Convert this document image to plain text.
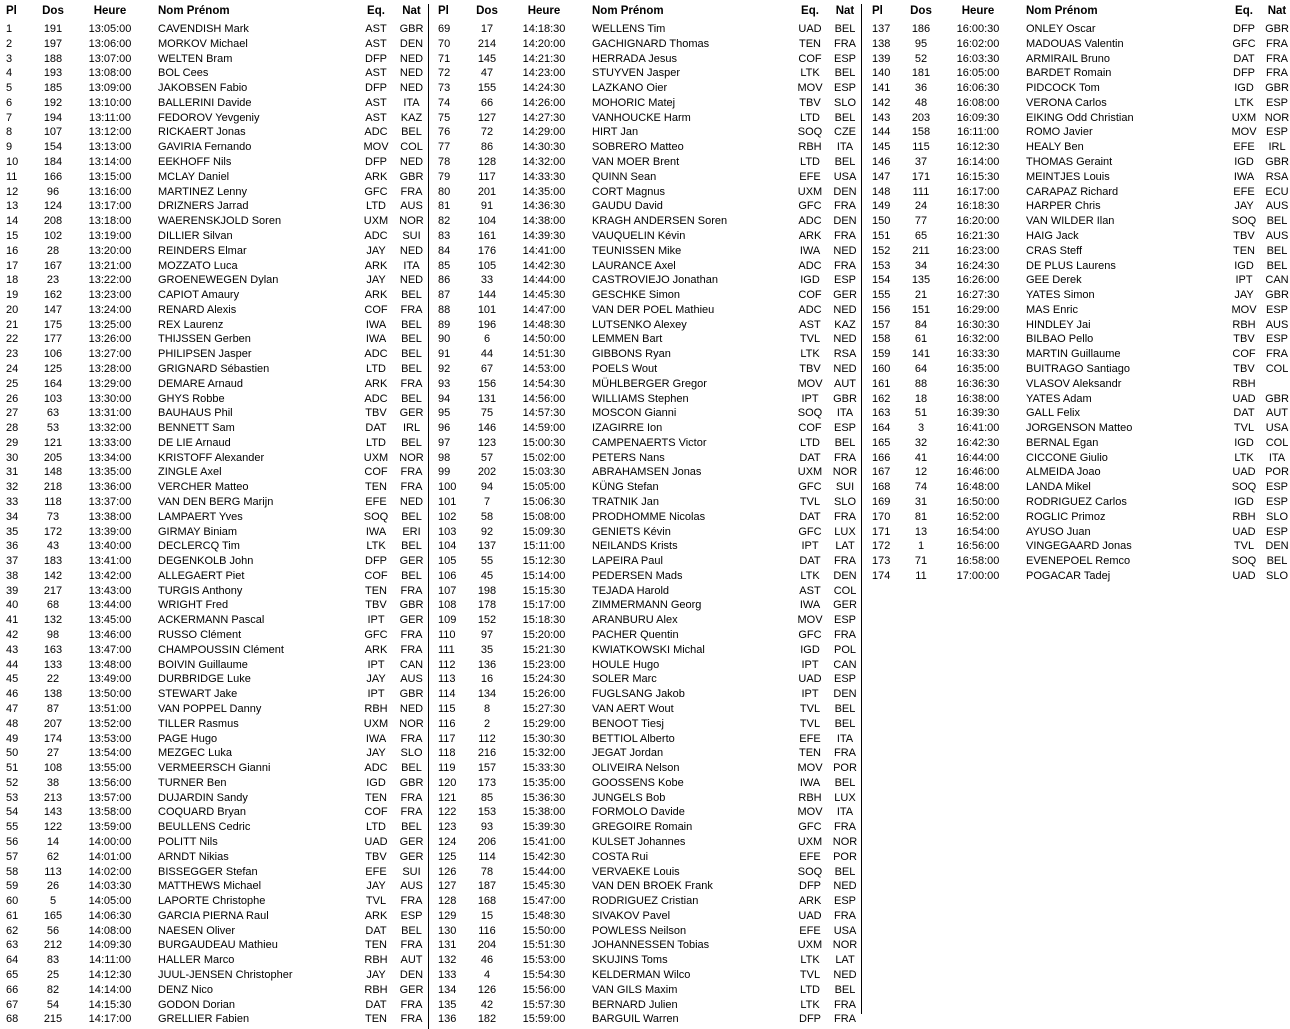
Pl	Dos	Heure	Nom Prénom	Eq.	Nat
1	191	13:05:00	CAVENDISH Mark	AST	GBR
2	197	13:06:00	MORKOV Michael	AST	DEN
3	188	13:07:00	WELTEN Bram	DFP	NED
4	193	13:08:00	BOL Cees	AST	NED
5	185	13:09:00	JAKOBSEN Fabio	DFP	NED
6	192	13:10:00	BALLERINI Davide	AST	ITA
7	194	13:11:00	FEDOROV Yevgeniy	AST	KAZ
8	107	13:12:00	RICKAERT Jonas	ADC	BEL
9	154	13:13:00	GAVIRIA Fernando	MOV	COL
10	184	13:14:00	EEKHOFF Nils	DFP	NED
11	166	13:15:00	MCLAY Daniel	ARK	GBR
12	96	13:16:00	MARTINEZ Lenny	GFC	FRA
13	124	13:17:00	DRIZNERS Jarrad	LTD	AUS
14	208	13:18:00	WAERENSKJOLD Soren	UXM	NOR
15	102	13:19:00	DILLIER Silvan	ADC	SUI
16	28	13:20:00	REINDERS Elmar	JAY	NED
17	167	13:21:00	MOZZATO Luca	ARK	ITA
18	23	13:22:00	GROENEWEGEN Dylan	JAY	NED
19	162	13:23:00	CAPIOT Amaury	ARK	BEL
20	147	13:24:00	RENARD Alexis	COF	FRA
21	175	13:25:00	REX Laurenz	IWA	BEL
22	177	13:26:00	THIJSSEN Gerben	IWA	BEL
23	106	13:27:00	PHILIPSEN Jasper	ADC	BEL
24	125	13:28:00	GRIGNARD Sébastien	LTD	BEL
25	164	13:29:00	DEMARE Arnaud	ARK	FRA
26	103	13:30:00	GHYS Robbe	ADC	BEL
27	63	13:31:00	BAUHAUS Phil	TBV	GER
28	53	13:32:00	BENNETT Sam	DAT	IRL
29	121	13:33:00	DE LIE Arnaud	LTD	BEL
30	205	13:34:00	KRISTOFF Alexander	UXM	NOR
31	148	13:35:00	ZINGLE Axel	COF	FRA
32	218	13:36:00	VERCHER Matteo	TEN	FRA
33	118	13:37:00	VAN DEN BERG Marijn	EFE	NED
34	73	13:38:00	LAMPAERT Yves	SOQ	BEL
35	172	13:39:00	GIRMAY Biniam	IWA	ERI
36	43	13:40:00	DECLERCQ Tim	LTK	BEL
37	183	13:41:00	DEGENKOLB John	DFP	GER
38	142	13:42:00	ALLEGAERT Piet	COF	BEL
39	217	13:43:00	TURGIS Anthony	TEN	FRA
40	68	13:44:00	WRIGHT Fred	TBV	GBR
41	132	13:45:00	ACKERMANN Pascal	IPT	GER
42	98	13:46:00	RUSSO Clément	GFC	FRA
43	163	13:47:00	CHAMPOUSSIN Clément	ARK	FRA
44	133	13:48:00	BOIVIN Guillaume	IPT	CAN
45	22	13:49:00	DURBRIDGE Luke	JAY	AUS
46	138	13:50:00	STEWART Jake	IPT	GBR
47	87	13:51:00	VAN POPPEL Danny	RBH	NED
48	207	13:52:00	TILLER Rasmus	UXM	NOR
49	174	13:53:00	PAGE Hugo	IWA	FRA
50	27	13:54:00	MEZGEC Luka	JAY	SLO
51	108	13:55:00	VERMEERSCH Gianni	ADC	BEL
52	38	13:56:00	TURNER Ben	IGD	GBR
53	213	13:57:00	DUJARDIN Sandy	TEN	FRA
54	143	13:58:00	COQUARD Bryan	COF	FRA
55	122	13:59:00	BEULLENS Cedric	LTD	BEL
56	14	14:00:00	POLITT Nils	UAD	GER
57	62	14:01:00	ARNDT Nikias	TBV	GER
58	113	14:02:00	BISSEGGER Stefan	EFE	SUI
59	26	14:03:30	MATTHEWS Michael	JAY	AUS
60	5	14:05:00	LAPORTE Christophe	TVL	FRA
61	165	14:06:30	GARCIA PIERNA Raul	ARK	ESP
62	56	14:08:00	NAESEN Oliver	DAT	BEL
63	212	14:09:30	BURGAUDEAU Mathieu	TEN	FRA
64	83	14:11:00	HALLER Marco	RBH	AUT
65	25	14:12:30	JUUL-JENSEN Christopher	JAY	DEN
66	82	14:14:00	DENZ Nico	RBH	GER
67	54	14:15:30	GODON Dorian	DAT	FRA
68	215	14:17:00	GRELLIER Fabien	TEN	FRA
Pl	Dos	Heure	Nom Prénom	Eq.	Nat
69	17	14:18:30	WELLENS Tim	UAD	BEL
70	214	14:20:00	GACHIGNARD Thomas	TEN	FRA
71	145	14:21:30	HERRADA Jesus	COF	ESP
72	47	14:23:00	STUYVEN Jasper	LTK	BEL
73	155	14:24:30	LAZKANO Oier	MOV	ESP
74	66	14:26:00	MOHORIC Matej	TBV	SLO
75	127	14:27:30	VANHOUCKE Harm	LTD	BEL
76	72	14:29:00	HIRT Jan	SOQ	CZE
77	86	14:30:30	SOBRERO Matteo	RBH	ITA
78	128	14:32:00	VAN MOER Brent	LTD	BEL
79	117	14:33:30	QUINN Sean	EFE	USA
80	201	14:35:00	CORT Magnus	UXM	DEN
81	91	14:36:30	GAUDU David	GFC	FRA
82	104	14:38:00	KRAGH ANDERSEN Soren	ADC	DEN
83	161	14:39:30	VAUQUELIN Kévin	ARK	FRA
84	176	14:41:00	TEUNISSEN Mike	IWA	NED
85	105	14:42:30	LAURANCE Axel	ADC	FRA
86	33	14:44:00	CASTROVIEJO Jonathan	IGD	ESP
87	144	14:45:30	GESCHKE Simon	COF	GER
88	101	14:47:00	VAN DER POEL Mathieu	ADC	NED
89	196	14:48:30	LUTSENKO Alexey	AST	KAZ
90	6	14:50:00	LEMMEN Bart	TVL	NED
91	44	14:51:30	GIBBONS Ryan	LTK	RSA
92	67	14:53:00	POELS Wout	TBV	NED
93	156	14:54:30	MÜHLBERGER Gregor	MOV	AUT
94	131	14:56:00	WILLIAMS Stephen	IPT	GBR
95	75	14:57:30	MOSCON Gianni	SOQ	ITA
96	146	14:59:00	IZAGIRRE Ion	COF	ESP
97	123	15:00:30	CAMPENAERTS Victor	LTD	BEL
98	57	15:02:00	PETERS Nans	DAT	FRA
99	202	15:03:30	ABRAHAMSEN Jonas	UXM	NOR
100	94	15:05:00	KÜNG Stefan	GFC	SUI
101	7	15:06:30	TRATNIK Jan	TVL	SLO
102	58	15:08:00	PRODHOMME Nicolas	DAT	FRA
103	92	15:09:30	GENIETS Kévin	GFC	LUX
104	137	15:11:00	NEILANDS Krists	IPT	LAT
105	55	15:12:30	LAPEIRA Paul	DAT	FRA
106	45	15:14:00	PEDERSEN Mads	LTK	DEN
107	198	15:15:30	TEJADA Harold	AST	COL
108	178	15:17:00	ZIMMERMANN Georg	IWA	GER
109	152	15:18:30	ARANBURU Alex	MOV	ESP
110	97	15:20:00	PACHER Quentin	GFC	FRA
111	35	15:21:30	KWIATKOWSKI Michal	IGD	POL
112	136	15:23:00	HOULE Hugo	IPT	CAN
113	16	15:24:30	SOLER Marc	UAD	ESP
114	134	15:26:00	FUGLSANG Jakob	IPT	DEN
115	8	15:27:30	VAN AERT Wout	TVL	BEL
116	2	15:29:00	BENOOT Tiesj	TVL	BEL
117	112	15:30:30	BETTIOL Alberto	EFE	ITA
118	216	15:32:00	JEGAT Jordan	TEN	FRA
119	157	15:33:30	OLIVEIRA Nelson	MOV	POR
120	173	15:35:00	GOOSSENS Kobe	IWA	BEL
121	85	15:36:30	JUNGELS Bob	RBH	LUX
122	153	15:38:00	FORMOLO Davide	MOV	ITA
123	93	15:39:30	GREGOIRE Romain	GFC	FRA
124	206	15:41:00	KULSET Johannes	UXM	NOR
125	114	15:42:30	COSTA Rui	EFE	POR
126	78	15:44:00	VERVAEKE Louis	SOQ	BEL
127	187	15:45:30	VAN DEN BROEK Frank	DFP	NED
128	168	15:47:00	RODRIGUEZ Cristian	ARK	ESP
129	15	15:48:30	SIVAKOV Pavel	UAD	FRA
130	116	15:50:00	POWLESS Neilson	EFE	USA
131	204	15:51:30	JOHANNESSEN Tobias	UXM	NOR
132	46	15:53:00	SKUJINS Toms	LTK	LAT
133	4	15:54:30	KELDERMAN Wilco	TVL	NED
134	126	15:56:00	VAN GILS Maxim	LTD	BEL
135	42	15:57:30	BERNARD Julien	LTK	FRA
136	182	15:59:00	BARGUIL Warren	DFP	FRA
Pl	Dos	Heure	Nom Prénom	Eq.	Nat
137	186	16:00:30	ONLEY Oscar	DFP	GBR
138	95	16:02:00	MADOUAS Valentin	GFC	FRA
139	52	16:03:30	ARMIRAIL Bruno	DAT	FRA
140	181	16:05:00	BARDET Romain	DFP	FRA
141	36	16:06:30	PIDCOCK Tom	IGD	GBR
142	48	16:08:00	VERONA Carlos	LTK	ESP
143	203	16:09:30	EIKING Odd Christian	UXM	NOR
144	158	16:11:00	ROMO Javier	MOV	ESP
145	115	16:12:30	HEALY Ben	EFE	IRL
146	37	16:14:00	THOMAS Geraint	IGD	GBR
147	171	16:15:30	MEINTJES Louis	IWA	RSA
148	111	16:17:00	CARAPAZ Richard	EFE	ECU
149	24	16:18:30	HARPER Chris	JAY	AUS
150	77	16:20:00	VAN WILDER Ilan	SOQ	BEL
151	65	16:21:30	HAIG Jack	TBV	AUS
152	211	16:23:00	CRAS Steff	TEN	BEL
153	34	16:24:30	DE PLUS Laurens	IGD	BEL
154	135	16:26:00	GEE Derek	IPT	CAN
155	21	16:27:30	YATES Simon	JAY	GBR
156	151	16:29:00	MAS Enric	MOV	ESP
157	84	16:30:30	HINDLEY Jai	RBH	AUS
158	61	16:32:00	BILBAO Pello	TBV	ESP
159	141	16:33:30	MARTIN Guillaume	COF	FRA
160	64	16:35:00	BUITRAGO Santiago	TBV	COL
161	88	16:36:30	VLASOV Aleksandr	RBH	
162	18	16:38:00	YATES Adam	UAD	GBR
163	51	16:39:30	GALL Felix	DAT	AUT
164	3	16:41:00	JORGENSON Matteo	TVL	USA
165	32	16:42:30	BERNAL Egan	IGD	COL
166	41	16:44:00	CICCONE Giulio	LTK	ITA
167	12	16:46:00	ALMEIDA Joao	UAD	POR
168	74	16:48:00	LANDA Mikel	SOQ	ESP
169	31	16:50:00	RODRIGUEZ Carlos	IGD	ESP
170	81	16:52:00	ROGLIC Primoz	RBH	SLO
171	13	16:54:00	AYUSO Juan	UAD	ESP
172	1	16:56:00	VINGEGAARD Jonas	TVL	DEN
173	71	16:58:00	EVENEPOEL Remco	SOQ	BEL
174	11	17:00:00	POGACAR Tadej	UAD	SLO
